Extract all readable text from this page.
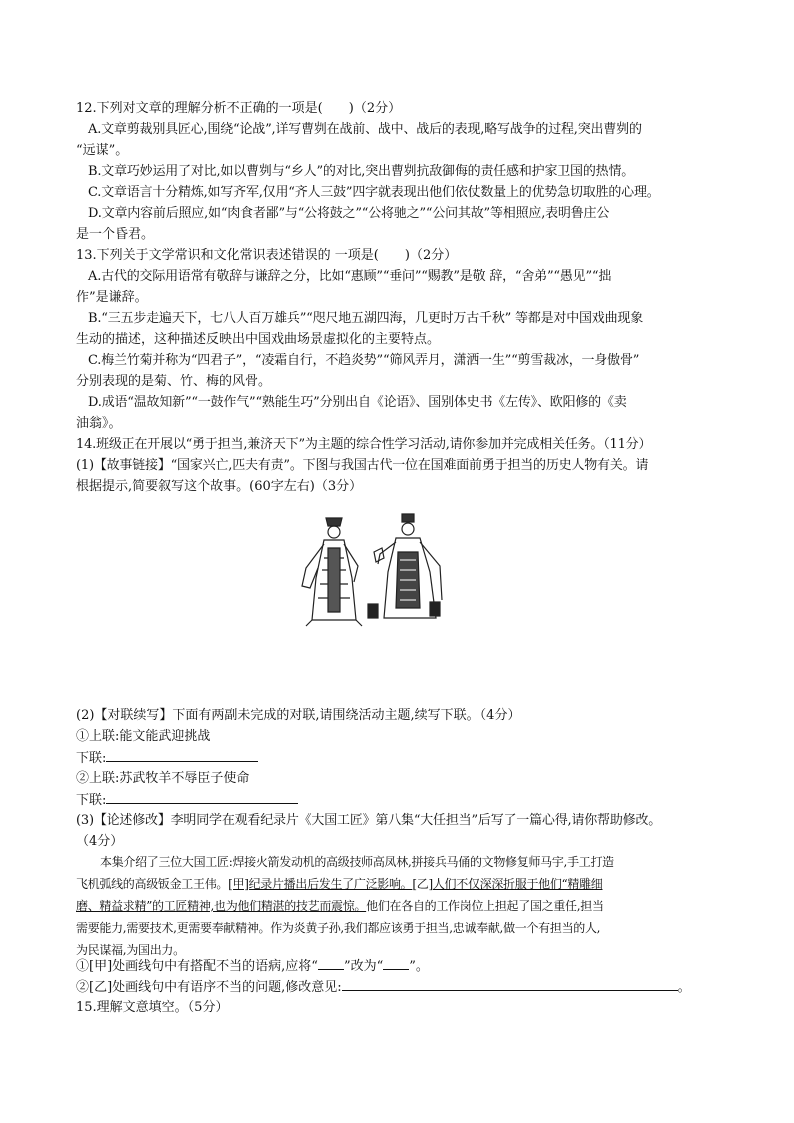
12.下列对文章的理解分析不正确的一项是(　　)（2分）
A.文章剪裁别具匠心,围绕“论战”,详写曹刿在战前、战中、战后的表现,略写战争的过程,突出曹刿的
“远谋”。
B.文章巧妙运用了对比,如以曹刿与“乡人”的对比,突出曹刿抗敌御侮的责任感和护家卫国的热情。
C.文章语言十分精炼,如写齐军,仅用“齐人三鼓”四字就表现出他们依仗数量上的优势急切取胜的心理。
D.文章内容前后照应,如“肉食者鄙”与“公将鼓之”“公将驰之”“公问其故”等相照应,表明鲁庄公
是一个昏君。
13.下列关于文学常识和文化常识表述错误的 一项是(　　)（2分）
A.古代的交际用语常有敬辞与谦辞之分，比如“惠顾”“垂问”“赐教”是敬 辞，“舍弟”“愚见”“拙
作”是谦辞。
B.“三五步走遍天下，七八人百万雄兵”“咫尺地五湖四海，几更时万古千秋” 等都是对中国戏曲现象
生动的描述，这种描述反映出中国戏曲场景虚拟化的主要特点。
C.梅兰竹菊并称为“四君子”，“凌霜自行，不趋炎势”“筛风弄月，潇洒一生”“剪雪裁冰，一身傲骨”
分别表现的是菊、竹、梅的风骨。
D.成语“温故知新”“一鼓作气”“熟能生巧”分别出自《论语》、国别体史书《左传》、欧阳修的《卖
油翁》。
14.班级正在开展以“勇于担当,兼济天下”为主题的综合性学习活动,请你参加并完成相关任务。（11分）
(1)【故事链接】“国家兴亡,匹夫有责”。下图与我国古代一位在国难面前勇于担当的历史人物有关。请
根据提示,简要叙写这个故事。(60字左右)（3分）
(2)【对联续写】下面有两副未完成的对联,请围绕活动主题,续写下联。（4分）
①上联:能文能武迎挑战
下联:
②上联:苏武牧羊不辱臣子使命
下联:
(3)【论述修改】李明同学在观看纪录片《大国工匠》第八集“大任担当”后写了一篇心得,请你帮助修改。
（4分）
本集介绍了三位大国工匠:焊接火箭发动机的高级技师高凤林,拼接兵马俑的文物修复师马宇,手工打造
飞机弧线的高级钣金工王伟。[甲]纪录片播出后发生了广泛影响。[乙]人们不仅深深折服于他们“精雕细
磨、精益求精”的工匠精神,也为他们精湛的技艺而震惊。他们在各自的工作岗位上担起了国之重任,担当
需要能力,需要技术,更需要奉献精神。作为炎黄子孙,我们都应该勇于担当,忠诚奉献,做一个有担当的人,
为民谋福,为国出力。
①[甲]处画线句中有搭配不当的语病,应将“ ”改为“ ”。
②[乙]处画线句中有语序不当的问题,修改意见:	。
15.理解文意填空。（5分）
